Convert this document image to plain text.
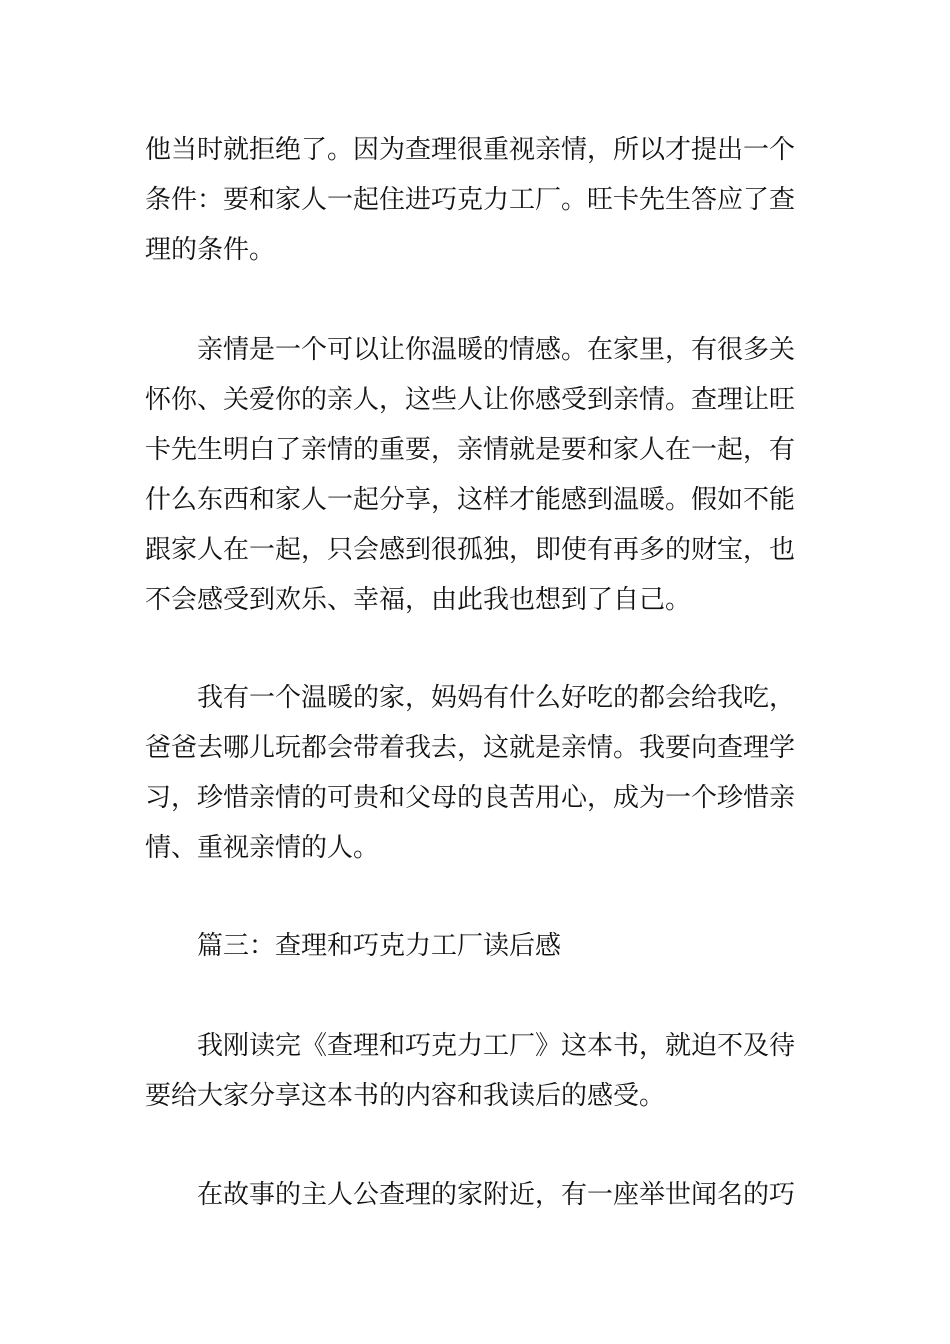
他当时就拒绝了。因为查理很重视亲情，所以才提出一个
条件：要和家人一起住进巧克力工厂。旺卡先生答应了查
理的条件。
亲情是一个可以让你温暖的情感。在家里，有很多关
怀你、关爱你的亲人，这些人让你感受到亲情。查理让旺
卡先生明白了亲情的重要，亲情就是要和家人在一起，有
什么东西和家人一起分享，这样才能感到温暖。假如不能
跟家人在一起，只会感到很孤独，即使有再多的财宝，也
不会感受到欢乐、幸福，由此我也想到了自己。
我有一个温暖的家，妈妈有什么好吃的都会给我吃，
爸爸去哪儿玩都会带着我去，这就是亲情。我要向查理学
习，珍惜亲情的可贵和父母的良苦用心，成为一个珍惜亲
情、重视亲情的人。
篇三：查理和巧克力工厂读后感
我刚读完《查理和巧克力工厂》这本书，就迫不及待
要给大家分享这本书的内容和我读后的感受。
在故事的主人公查理的家附近，有一座举世闻名的巧
